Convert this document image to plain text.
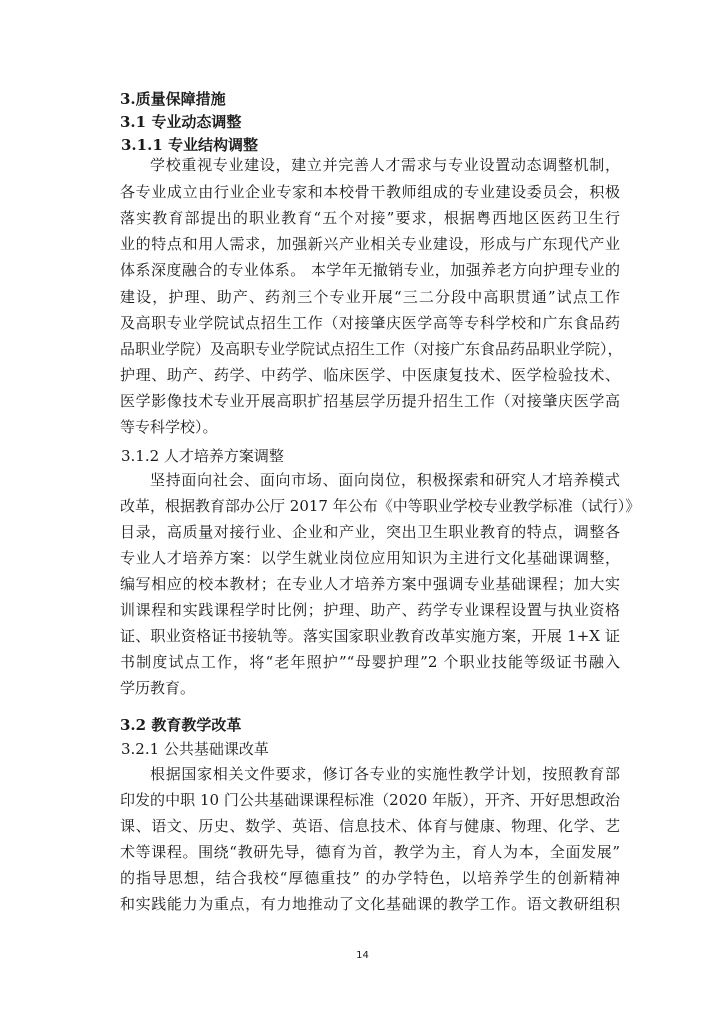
3.质量保障措施
3.1 专业动态调整
3.1.1 专业结构调整
学校重视专业建设，建立并完善人才需求与专业设置动态调整机制，
各专业成立由行业企业专家和本校骨干教师组成的专业建设委员会，积极
落实教育部提出的职业教育“五个对接”要求，根据粤西地区医药卫生行
业的特点和用人需求，加强新兴产业相关专业建设，形成与广东现代产业
体系深度融合的专业体系。 本学年无撤销专业，加强养老方向护理专业的
建设，护理、助产、药剂三个专业开展“三二分段中高职贯通”试点工作
及高职专业学院试点招生工作（对接肇庆医学高等专科学校和广东食品药
品职业学院）及高职专业学院试点招生工作（对接广东食品药品职业学院），
护理、助产、药学、中药学、临床医学、中医康复技术、医学检验技术、
医学影像技术专业开展高职扩招基层学历提升招生工作（对接肇庆医学高
等专科学校）。
3.1.2 人才培养方案调整
坚持面向社会、面向市场、面向岗位，积极探索和研究人才培养模式
改革，根据教育部办公厅 2017 年公布《中等职业学校专业教学标准（试行）》
目录，高质量对接行业、企业和产业，突出卫生职业教育的特点，调整各
专业人才培养方案：以学生就业岗位应用知识为主进行文化基础课调整，
编写相应的校本教材；在专业人才培养方案中强调专业基础课程；加大实
训课程和实践课程学时比例；护理、助产、药学专业课程设置与执业资格
证、职业资格证书接轨等。落实国家职业教育改革实施方案，开展 1+X 证
书制度试点工作，将“老年照护”“母婴护理”2 个职业技能等级证书融入
学历教育。
3.2 教育教学改革
3.2.1 公共基础课改革
根据国家相关文件要求，修订各专业的实施性教学计划，按照教育部
印发的中职 10 门公共基础课课程标准（2020 年版），开齐、开好思想政治
课、语文、历史、数学、英语、信息技术、体育与健康、物理、化学、艺
术等课程。围绕“教研先导，德育为首，教学为主，育人为本，全面发展”
的指导思想，结合我校“厚德重技” 的办学特色，以培养学生的创新精神
和实践能力为重点，有力地推动了文化基础课的教学工作。语文教研组积
14
